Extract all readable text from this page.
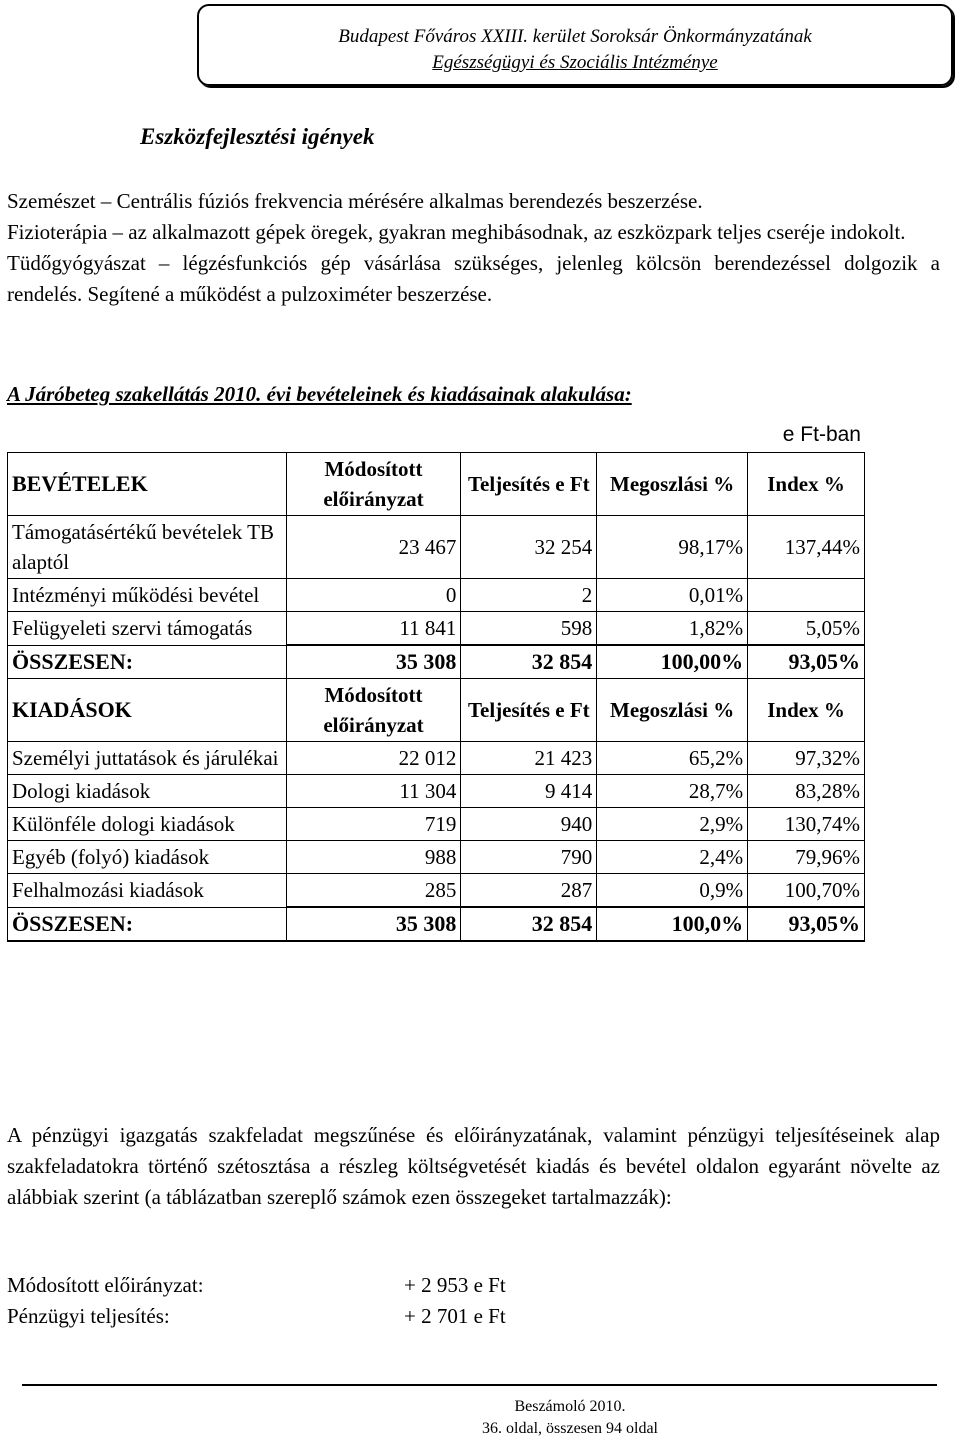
Budapest Főváros XXIII. kerület Soroksár Önkormányzatának
Egészségügyi és Szociális Intézménye
Eszközfejlesztési igények

Szemészet – Centrális fúziós frekvencia mérésére alkalmas berendezés beszerzése.

Fizioterápia – az alkalmazott gépek öregek, gyakran meghibásodnak, az eszközpark teljes cseréje indokolt.

Tüdőgyógyászat – légzésfunkciós gép vásárlása szükséges, jelenleg kölcsön berendezéssel dolgozik a rendelés. Segítené a működést a pulzoximéter beszerzése.

A Járóbeteg szakellátás 2010. évi bevételeinek és kiadásainak alakulása:
e Ft-ban
BEVÉTELEK	Módosított előirányzat	Teljesítés e Ft	Megoszlási %	Index %
Támogatásértékű bevételek TB alaptól	23 467	32 254	98,17%	137,44%
Intézményi működési bevétel	0	2	0,01%	
Felügyeleti szervi támogatás	11 841	598	1,82%	5,05%
ÖSSZESEN:	35 308	32 854	100,00%	93,05%
KIADÁSOK	Módosított előirányzat	Teljesítés e Ft	Megoszlási %	Index %
Személyi juttatások és járulékai	22 012	21 423	65,2%	97,32%
Dologi kiadások	11 304	9 414	28,7%	83,28%
Különféle dologi kiadások	719	940	2,9%	130,74%
Egyéb (folyó) kiadások	988	790	2,4%	79,96%
Felhalmozási kiadások	285	287	0,9%	100,70%
ÖSSZESEN:	35 308	32 854	100,0%	93,05%

A pénzügyi igazgatás szakfeladat megszűnése és előirányzatának, valamint pénzügyi teljesítéseinek alap szakfeladatokra történő szétosztása a részleg költségvetését kiadás és bevétel oldalon egyaránt növelte az alábbiak szerint (a táblázatban szereplő számok ezen összegeket tartalmazzák):

Módosított előirányzat:	+ 2 953 e Ft
Pénzügyi teljesítés:	+ 2 701 e Ft
Beszámoló 2010.
36. oldal, összesen 94 oldal
